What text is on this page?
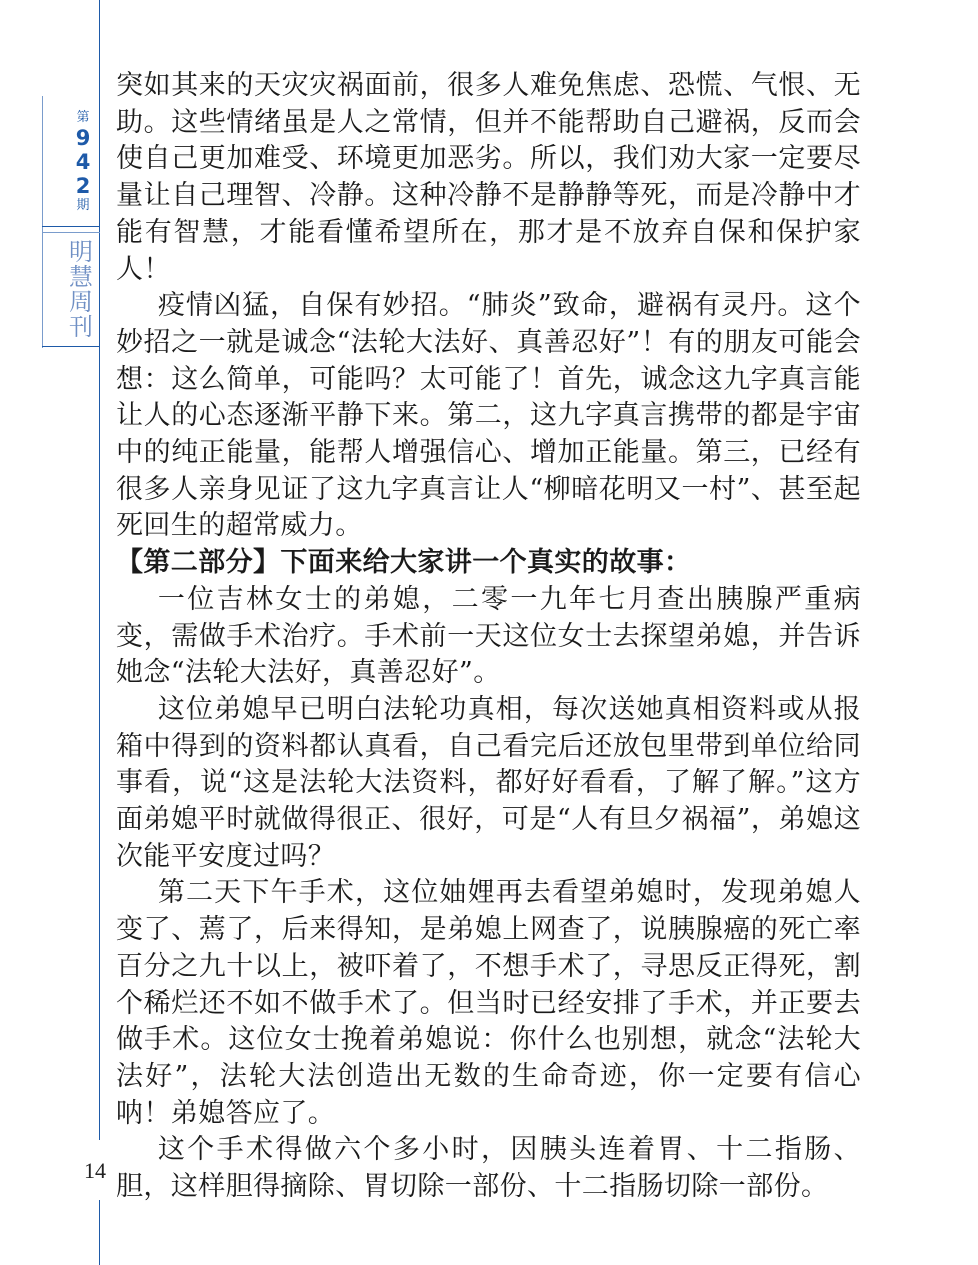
第
9
4
2
期
明
慧
周
刊

突如其来的天灾灾祸面前，很多人难免焦虑、恐慌、气恨、无助。这些情绪虽是人之常情，但并不能帮助自己避祸，反而会使自己更加难受、环境更加恶劣。所以，我们劝大家一定要尽量让自己理智、冷静。这种冷静不是静静等死，而是冷静中才能有智慧，才能看懂希望所在，那才是不放弃自保和保护家人！

疫情凶猛，自保有妙招。“肺炎”致命，避祸有灵丹。这个妙招之一就是诚念“法轮大法好、真善忍好”！有的朋友可能会想：这么简单，可能吗？太可能了！首先，诚念这九字真言能让人的心态逐渐平静下来。第二，这九字真言携带的都是宇宙中的纯正能量，能帮人增强信心、增加正能量。第三，已经有很多人亲身见证了这九字真言让人“柳暗花明又一村”、甚至起死回生的超常威力。

【第二部分】下面来给大家讲一个真实的故事：

一位吉林女士的弟媳，二零一九年七月查出胰腺严重病变，需做手术治疗。手术前一天这位女士去探望弟媳，并告诉她念“法轮大法好，真善忍好”。

这位弟媳早已明白法轮功真相，每次送她真相资料或从报箱中得到的资料都认真看，自己看完后还放包里带到单位给同事看，说“这是法轮大法资料，都好好看看，了解了解。”这方面弟媳平时就做得很正、很好，可是“人有旦夕祸福”，弟媳这次能平安度过吗？

第二天下午手术，这位妯娌再去看望弟媳时，发现弟媳人变了、蔫了，后来得知，是弟媳上网查了，说胰腺癌的死亡率百分之九十以上，被吓着了，不想手术了，寻思反正得死，割个稀烂还不如不做手术了。但当时已经安排了手术，并正要去做手术。这位女士挽着弟媳说：你什么也别想，就念“法轮大法好”，法轮大法创造出无数的生命奇迹，你一定要有信心呐！弟媳答应了。

这个手术得做六个多小时，因胰头连着胃、十二指肠、胆，这样胆得摘除、胃切除一部份、十二指肠切除一部份。

14
